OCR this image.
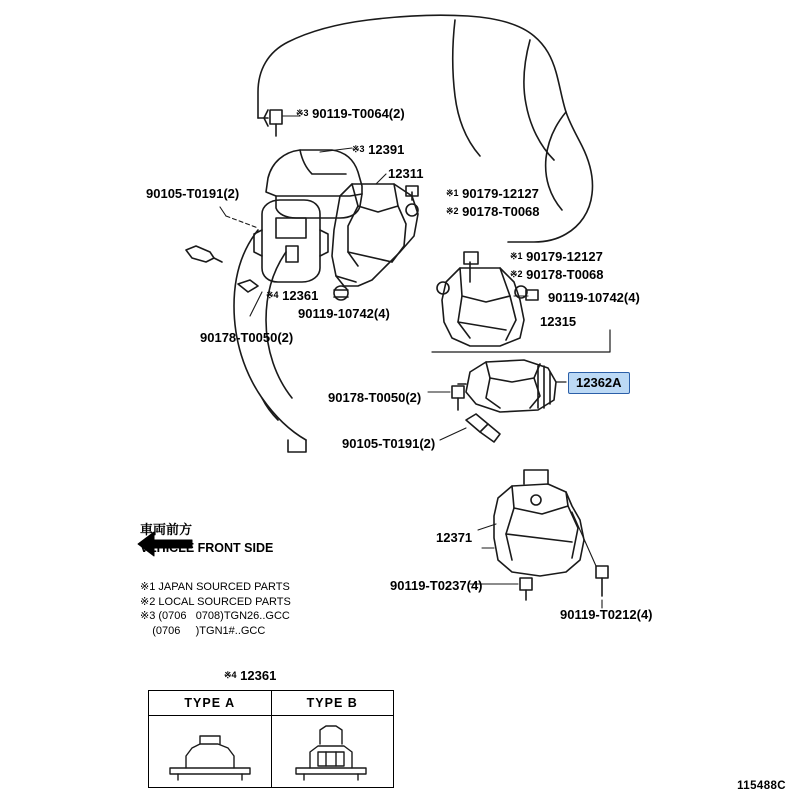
※3 90119-T0064(2)
※3 12391
12311
※1 90179-12127
※2 90178-T0068
90105-T0191(2)
※1 90179-12127
※2 90178-T0068
90119-10742(4)
12315
※4 12361
90119-10742(4)
90178-T0050(2)
90178-T0050(2)
90105-T0191(2)
12371
90119-T0237(4)
90119-T0212(4)
12362A
車両前方
VEHICLE FRONT SIDE
※1 JAPAN SOURCED PARTS
※2 LOCAL SOURCED PARTS
※3 (0706   0708)TGN26..GCC
(0706     )TGN1#..GCC
※4 12361
TYPE A	TYPE B
115488C
